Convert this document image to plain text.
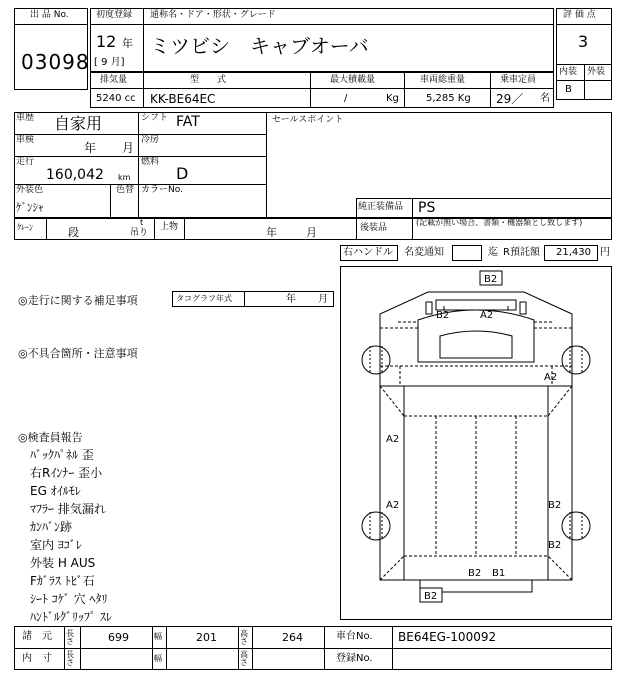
出 品 No.
03098
初度登録 通称名・ドア・形状・グレード
12 年
[ 9 月]
ミツビシ　キャブオーバ
評 価 点
3
内装 外装
B
排気量	型　　式	最大積載量	車両総重量	乗車定員
5240 cc KK-BE64EC	/	Kg	5,285 Kg 29／ 名
車歴 自家用	シフト FAT	セールスポイント
車検
年 月
冷房
走行
160,042 km
燃料
D
外装色
ｹﾞﾝｼｬ
色替 カラーNo.
純正装備品 PS
後装品
(記載が無い場合、書類・機器類とし致します)
ｸﾚｰﾝ	段
t
吊り
上物	年	月
右ハンドル 名変通知	迄 R預託額 21,430 円
◎走行に関する補足事項	タコグラフ年式	年 月
◎不具合箇所・注意事項
◎検査員報告
ﾊﾞｯｸﾊﾟﾈﾙ 歪
右Rｲﾝﾅｰ 歪小
EG ｵｲﾙﾓﾚ
ﾏﾌﾗｰ 排気漏れ
ｶﾝﾊﾞﾝ跡
室内 ﾖｺﾞﾚ
外装 H AUS
Fｶﾞﾗｽ ﾄﾋﾞ石
ｼｰﾄ ｺｹﾞ 穴 ﾍﾀﾘ
ﾊﾝﾄﾞﾙｸﾞﾘｯﾌﾟ ｽﾚ
B2
B2	A2
A2
A2
A2	B2
B2
B2 B1
B2
諸　元 長さ	699	幅	201	高さ	264	車台No. BE64EG-100092
内　寸 長さ	幅	高さ	登録No.
